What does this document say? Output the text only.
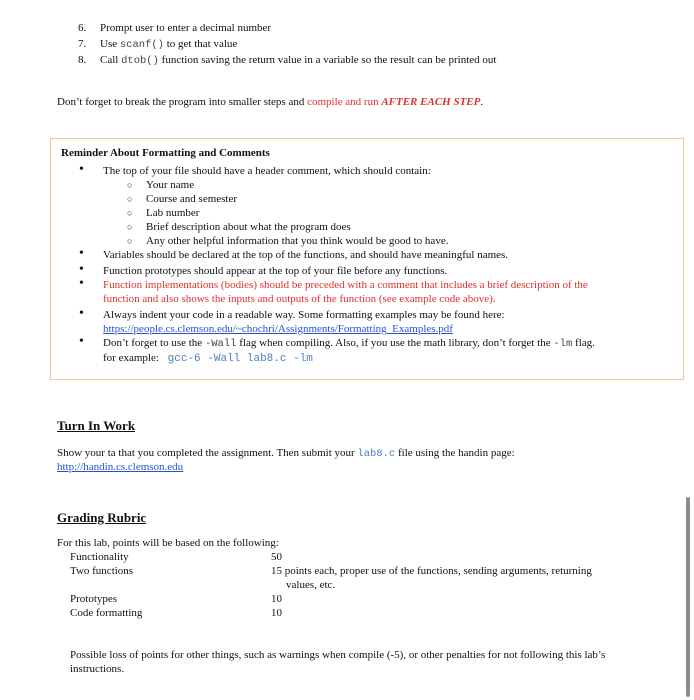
6. Prompt user to enter a decimal number
7. Use scanf() to get that value
8. Call dtob() function saving the return value in a variable so the result can be printed out
Don’t forget to break the program into smaller steps and compile and run AFTER EACH STEP.
Reminder About Formatting and Comments
• The top of your file should have a header comment, which should contain:
○ Your name
○ Course and semester
○ Lab number
○ Brief description about what the program does
○ Any other helpful information that you think would be good to have.
• Variables should be declared at the top of the functions, and should have meaningful names.
• Function prototypes should appear at the top of your file before any functions.
• Function implementations (bodies) should be preceded with a comment that includes a brief description of the
function and also shows the inputs and outputs of the function (see example code above).
• Always indent your code in a readable way. Some formatting examples may be found here:
https://people.cs.clemson.edu/~chochri/Assignments/Formatting_Examples.pdf
• Don’t forget to use the -Wall flag when compiling. Also, if you use the math library, don’t forget the -lm flag.
for example: gcc-6 -Wall lab8.c -lm
Turn In Work
Show your ta that you completed the assignment. Then submit your lab8.c file using the handin page:
http://handin.cs.clemson.edu
Grading Rubric
For this lab, points will be based on the following:
Functionality	50
Two functions	15 points each, proper use of the functions, sending arguments, returning
values, etc.
Prototypes	10
Code formatting	10
Possible loss of points for other things, such as warnings when compile (-5), or other penalties for not following this lab’s
instructions.
